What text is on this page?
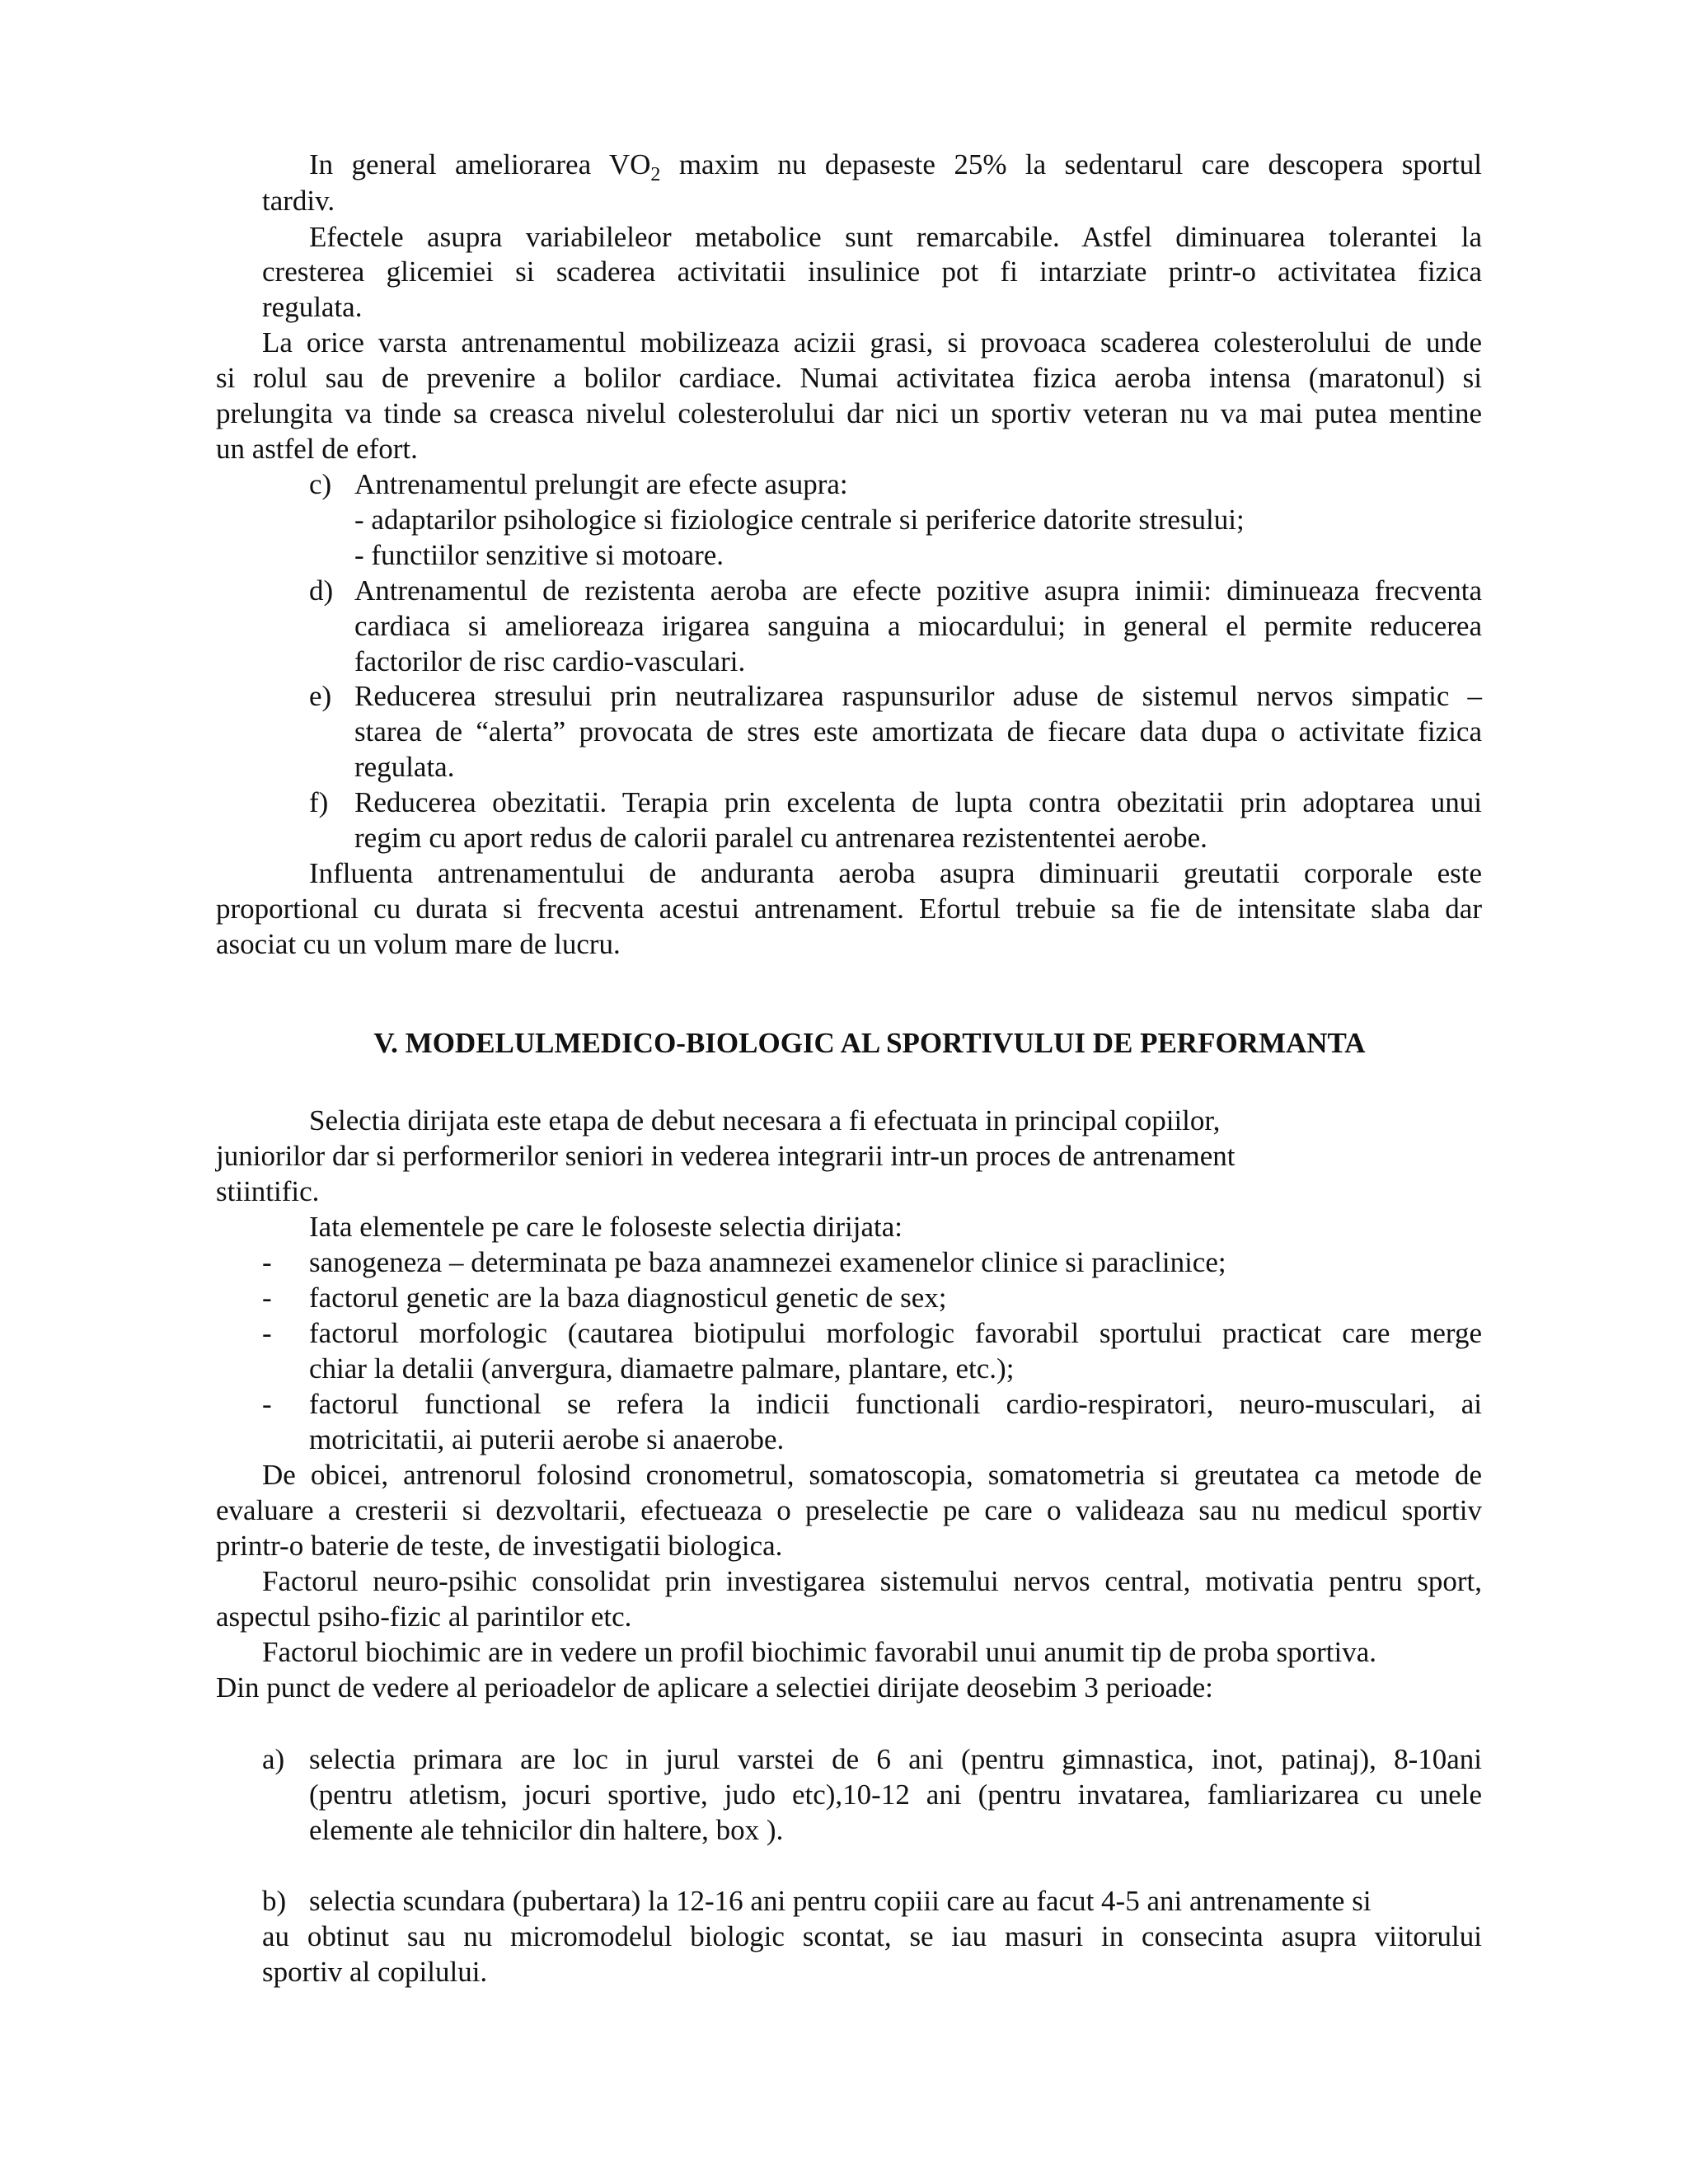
In general ameliorarea $VO_2$ maxim nu depaseste 25% la sedentarul care descopera sportul

tardiv.

Efectele asupra variabileleor metabolice sunt remarcabile. Astfel diminuarea tolerantei la

cresterea glicemiei si scaderea activitatii insulinice pot fi intarziate printr-o activitatea fizica

regulata.

La orice varsta antrenamentul mobilizeaza acizii grasi, si provoaca scaderea colesterolului de unde

si rolul sau de prevenire a bolilor cardiace. Numai activitatea fizica aeroba intensa (maratonul) si

prelungita va tinde sa creasca nivelul colesterolului dar nici un sportiv veteran nu va mai putea mentine

un astfel de efort.

c) Antrenamentul prelungit are efecte asupra:

- adaptarilor psihologice si fiziologice centrale si periferice datorite stresului;

- functiilor senzitive si motoare.

d) Antrenamentul de rezistenta aeroba are efecte pozitive asupra inimii: diminueaza frecventa

cardiaca si amelioreaza irigarea sanguina a miocardului; in general el permite reducerea

factorilor de risc cardio-vasculari.

e) Reducerea stresului prin neutralizarea raspunsurilor aduse de sistemul nervos simpatic –

starea de “alerta” provocata de stres este amortizata de fiecare data dupa o activitate fizica

regulata.

f) Reducerea obezitatii. Terapia prin excelenta de lupta contra obezitatii prin adoptarea unui

regim cu aport redus de calorii paralel cu antrenarea rezistententei aerobe.

Influenta antrenamentului de anduranta aeroba asupra diminuarii greutatii corporale este

proportional cu durata si frecventa acestui antrenament. Efortul trebuie sa fie de intensitate slaba dar

asociat cu un volum mare de lucru.

V. MODELULMEDICO-BIOLOGIC AL SPORTIVULUI DE PERFORMANTA

Selectia dirijata este etapa de debut necesara a fi efectuata in principal copiilor,

juniorilor dar si performerilor seniori in vederea integrarii intr-un proces de antrenament

stiintific.

Iata elementele pe care le foloseste selectia dirijata:

- sanogeneza – determinata pe baza anamnezei examenelor clinice si paraclinice;

- factorul genetic are la baza diagnosticul genetic de sex;

- factorul morfologic (cautarea biotipului morfologic favorabil sportului practicat care merge

chiar la detalii (anvergura, diamaetre palmare, plantare, etc.);

- factorul functional se refera la indicii functionali cardio-respiratori, neuro-musculari, ai

motricitatii, ai puterii aerobe si anaerobe.

De obicei, antrenorul folosind cronometrul, somatoscopia, somatometria si greutatea ca metode de

evaluare a cresterii si dezvoltarii, efectueaza o preselectie pe care o valideaza sau nu medicul sportiv

printr-o baterie de teste, de investigatii biologica.

Factorul neuro-psihic consolidat prin investigarea sistemului nervos central, motivatia pentru sport,

aspectul psiho-fizic al parintilor etc.

Factorul biochimic are in vedere un profil biochimic favorabil unui anumit tip de proba sportiva.

Din punct de vedere al perioadelor de aplicare a selectiei dirijate deosebim 3 perioade:

a) selectia primara are loc in jurul varstei de 6 ani (pentru gimnastica, inot, patinaj), 8-10ani

(pentru atletism, jocuri sportive, judo etc),10-12 ani (pentru invatarea, famliarizarea cu unele

elemente ale tehnicilor din haltere, box ).

b) selectia scundara (pubertara) la 12-16 ani pentru copiii care au facut 4-5 ani antrenamente si

au obtinut sau nu micromodelul biologic scontat, se iau masuri in consecinta asupra viitorului

sportiv al copilului.
